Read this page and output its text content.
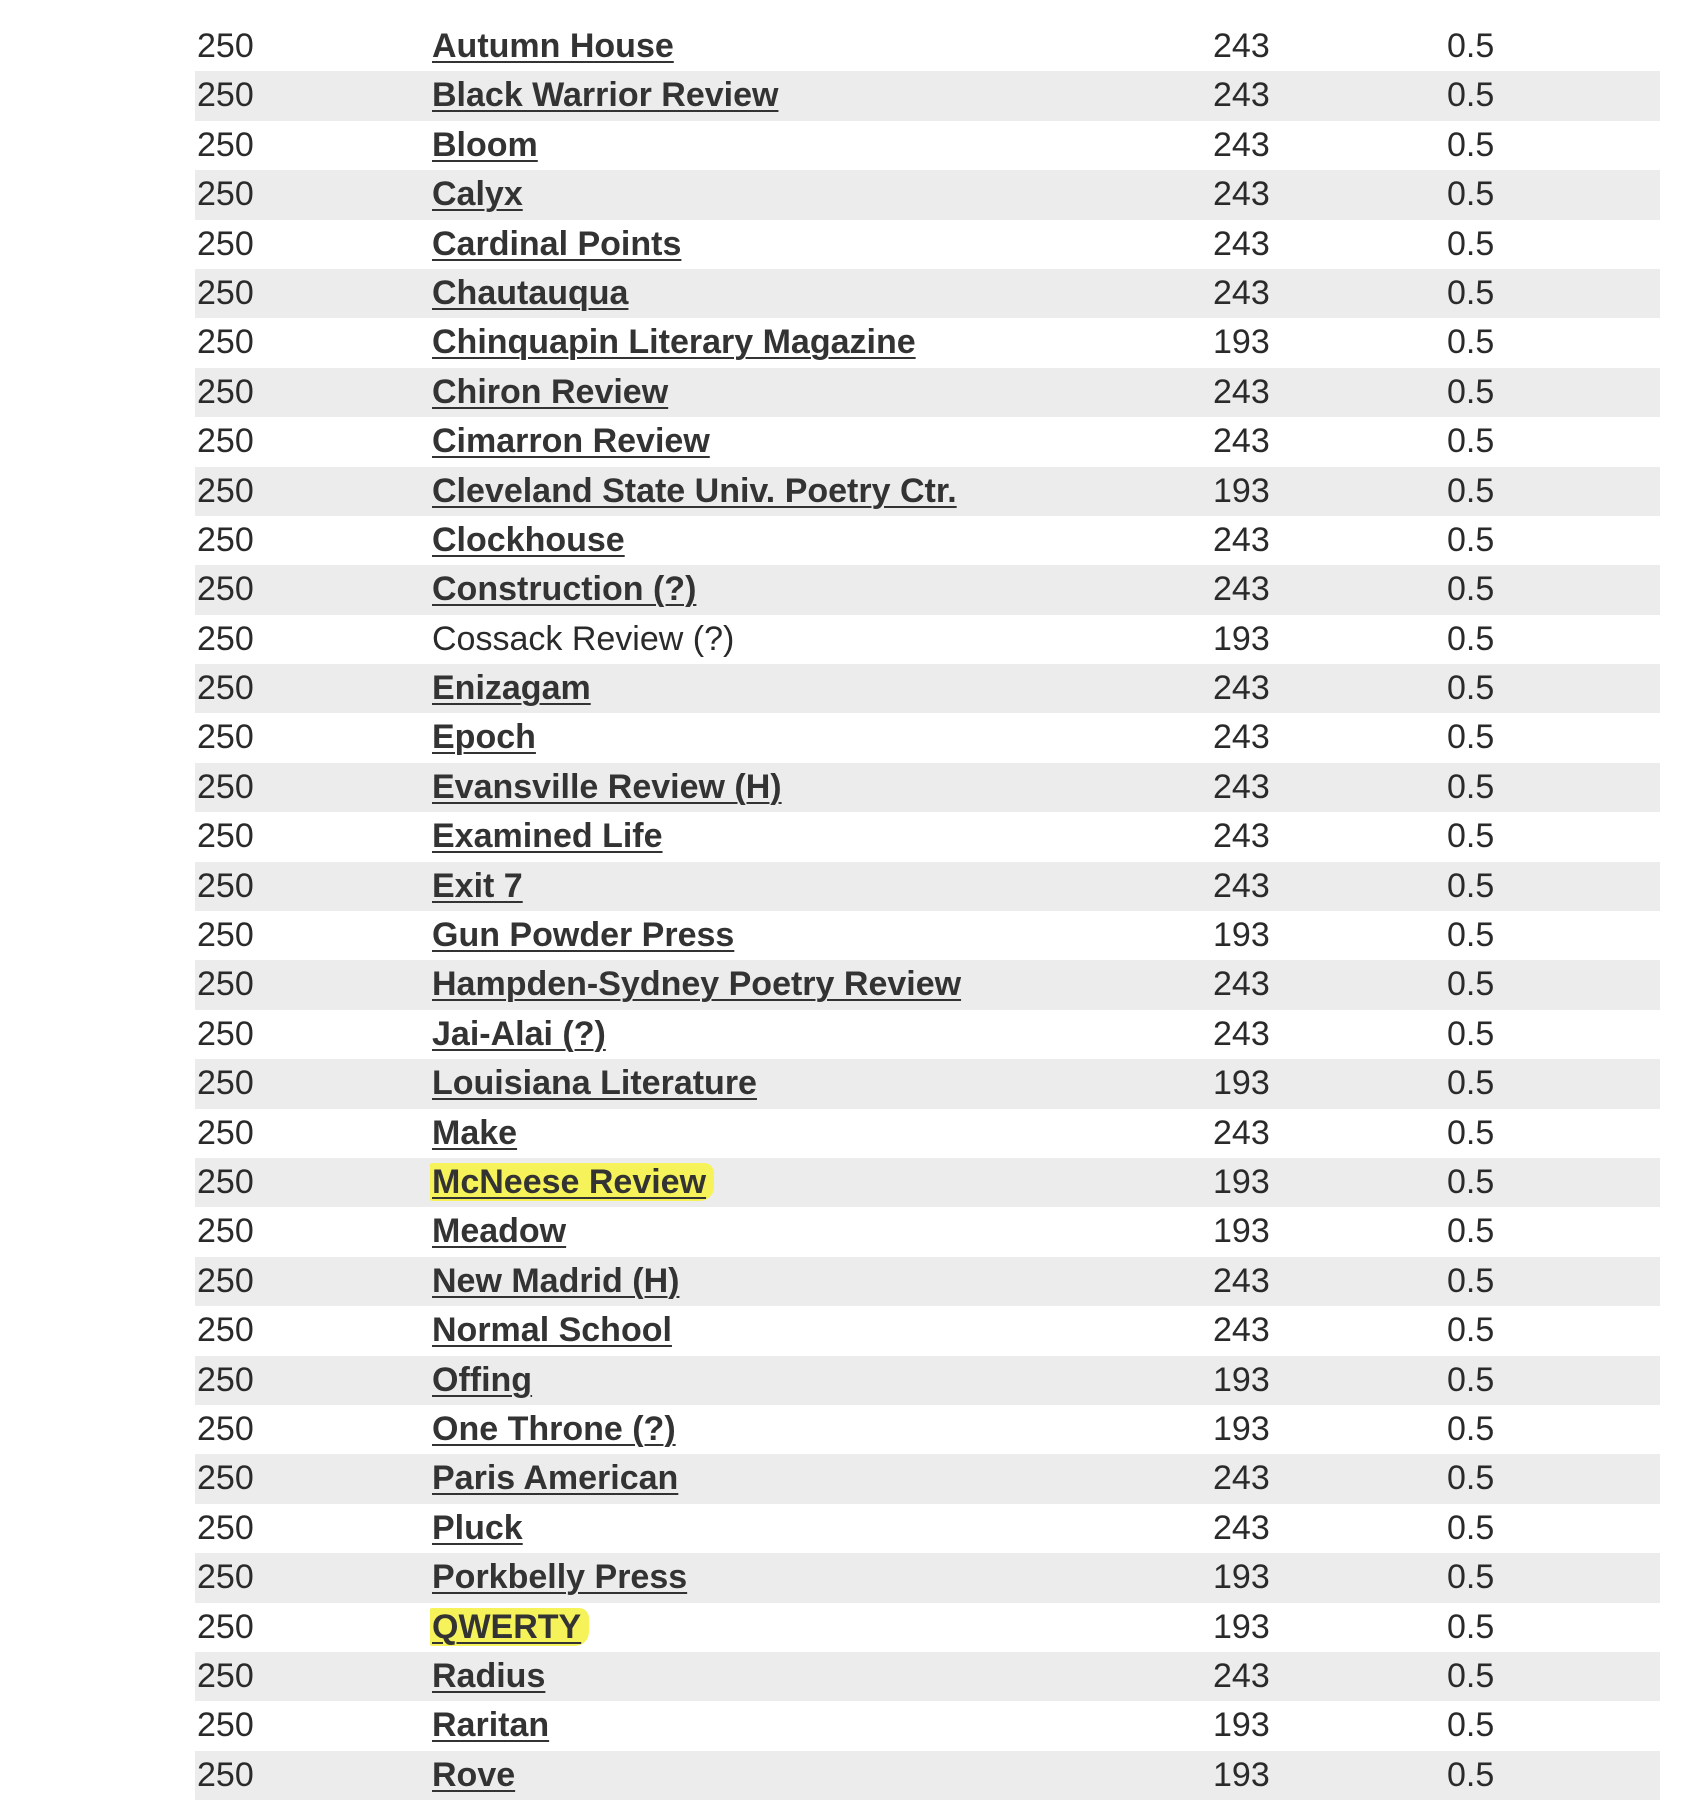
250	Autumn House	243	0.5
250	Black Warrior Review	243	0.5
250	Bloom	243	0.5
250	Calyx	243	0.5
250	Cardinal Points	243	0.5
250	Chautauqua	243	0.5
250	Chinquapin Literary Magazine	193	0.5
250	Chiron Review	243	0.5
250	Cimarron Review	243	0.5
250	Cleveland State Univ. Poetry Ctr.	193	0.5
250	Clockhouse	243	0.5
250	Construction (?)	243	0.5
250	Cossack Review (?)	193	0.5
250	Enizagam	243	0.5
250	Epoch	243	0.5
250	Evansville Review (H)	243	0.5
250	Examined Life	243	0.5
250	Exit 7	243	0.5
250	Gun Powder Press	193	0.5
250	Hampden-Sydney Poetry Review	243	0.5
250	Jai-Alai (?)	243	0.5
250	Louisiana Literature	193	0.5
250	Make	243	0.5
250	McNeese Review	193	0.5
250	Meadow	193	0.5
250	New Madrid (H)	243	0.5
250	Normal School	243	0.5
250	Offing	193	0.5
250	One Throne (?)	193	0.5
250	Paris American	243	0.5
250	Pluck	243	0.5
250	Porkbelly Press	193	0.5
250	QWERTY	193	0.5
250	Radius	243	0.5
250	Raritan	193	0.5
250	Rove	193	0.5
